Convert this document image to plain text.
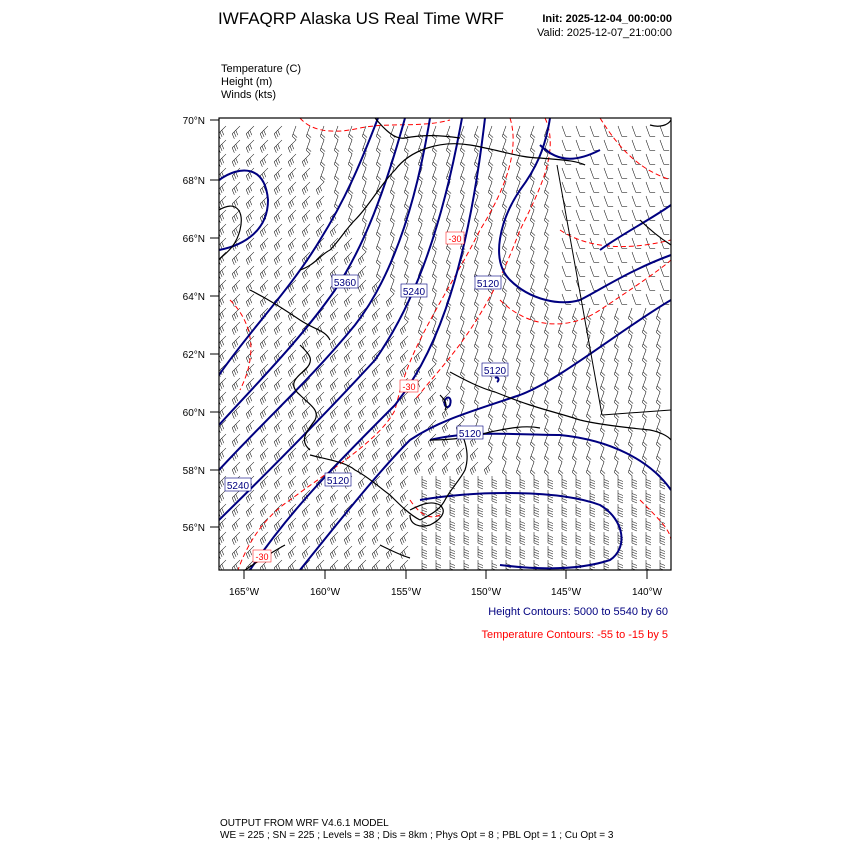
IWFAQRP Alaska US Real Time WRF	Init: 2025-12-04_00:00:00
Valid: 2025-12-07_21:00:00
Temperature (C)
Height (m)
Winds (kts)
5360
5240
5120
5120
5120
5240	5120
-30
-30
-30
70°N
68°N
66°N
64°N
62°N
60°N
58°N
56°N
165°W	160°W	155°W	150°W	145°W	140°W
Height Contours: 5000 to 5540 by 60
Temperature Contours: -55 to -15 by 5
OUTPUT FROM WRF V4.6.1 MODEL
WE = 225 ; SN = 225 ; Levels = 38 ; Dis = 8km ; Phys Opt = 8 ; PBL Opt = 1 ; Cu Opt = 3
